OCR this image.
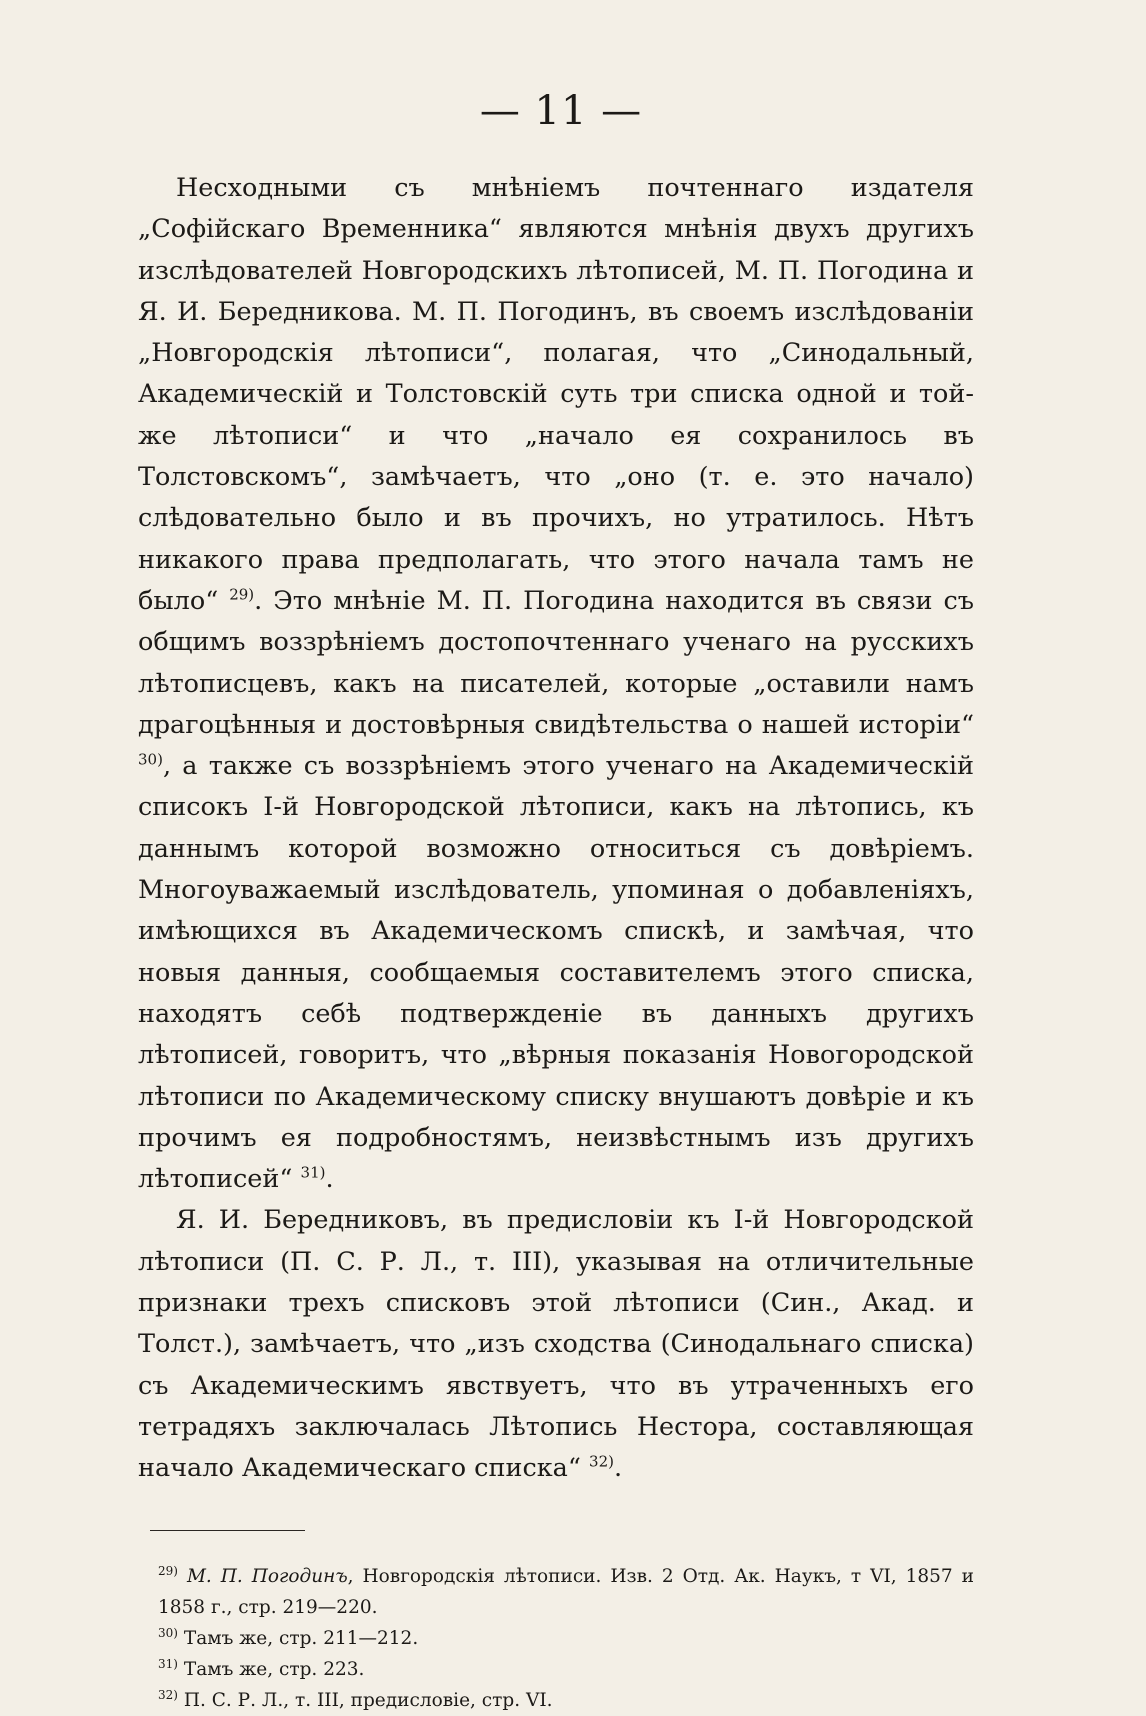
— 11 —

Несходными съ мнѣніемъ почтеннаго издателя „Софійскаго Временника“ являются мнѣнія двухъ другихъ изслѣдователей Новгородскихъ лѣтописей, М. П. Погодина и Я. И. Бередникова. М. П. Погодинъ, въ своемъ изслѣдованіи „Новгородскія лѣтописи“, полагая, что „Синодальный, Академическій и Толстовскій суть три списка одной и той-же лѣтописи“ и что „начало ея сохранилось въ Толстовскомъ“, замѣчаетъ, что „оно (т. е. это начало) слѣдовательно было и въ прочихъ, но утратилось. Нѣтъ никакого права предполагать, что этого начала тамъ не было“ $^{29)}$. Это мнѣніе М. П. Погодина находится въ связи съ общимъ воззрѣніемъ достопочтеннаго ученаго на русскихъ лѣтописцевъ, какъ на писателей, которые „оставили намъ драгоцѣнныя и достовѣрныя свидѣтельства о нашей исторіи“ $^{30)}$, а также съ воззрѣніемъ этого ученаго на Академическій списокъ I-й Новгородской лѣтописи, какъ на лѣтопись, къ даннымъ которой возможно относиться съ довѣріемъ. Многоуважаемый изслѣдователь, упоминая о добавленіяхъ, имѣющихся въ Академическомъ спискѣ, и замѣчая, что новыя данныя, сообщаемыя составителемъ этого списка, находятъ себѣ подтвержденіе въ данныхъ другихъ лѣтописей, говоритъ, что „вѣрныя показанія Новогородской лѣтописи по Академическому списку внушаютъ довѣріе и къ прочимъ ея подробностямъ, неизвѣстнымъ изъ другихъ лѣтописей“ $^{31)}$.

Я. И. Бередниковъ, въ предисловіи къ I-й Новгородской лѣтописи (П. С. Р. Л., т. III), указывая на отличительные признаки трехъ списковъ этой лѣтописи (Син., Акад. и Толст.), замѣчаетъ, что „изъ сходства (Синодальнаго списка) съ Академическимъ явствуетъ, что въ утраченныхъ его тетрадяхъ заключалась Лѣтопись Нестора, составляющая начало Академическаго списка“ $^{32)}$.

$^{29)}$ М. П. Погодинъ, Новгородскія лѣтописи. Изв. 2 Отд. Ак. Наукъ, т VI, 1857 и 1858 г., стр. 219—220.

$^{30)}$ Тамъ же, стр. 211—212.

$^{31)}$ Тамъ же, стр. 223.

$^{32)}$ П. С. Р. Л., т. III, предисловіе, стр. VI.
